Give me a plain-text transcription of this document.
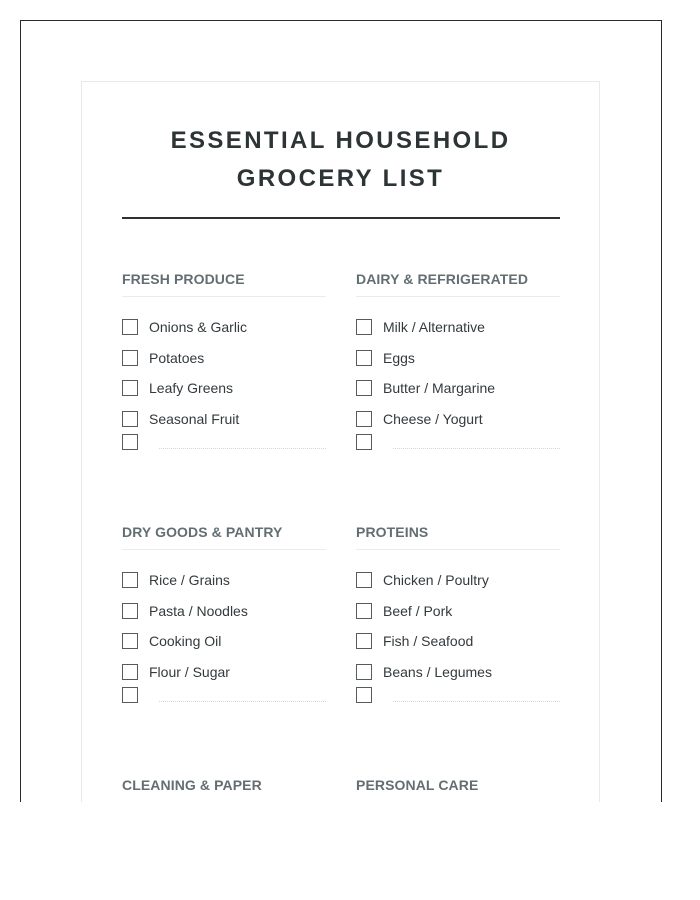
ESSENTIAL HOUSEHOLD
GROCERY LIST
FRESH PRODUCE
Onions & Garlic
Potatoes
Leafy Greens
Seasonal Fruit
DAIRY & REFRIGERATED
Milk / Alternative
Eggs
Butter / Margarine
Cheese / Yogurt
DRY GOODS & PANTRY
Rice / Grains
Pasta / Noodles
Cooking Oil
Flour / Sugar
PROTEINS
Chicken / Poultry
Beef / Pork
Fish / Seafood
Beans / Legumes
CLEANING & PAPER	PERSONAL CARE
